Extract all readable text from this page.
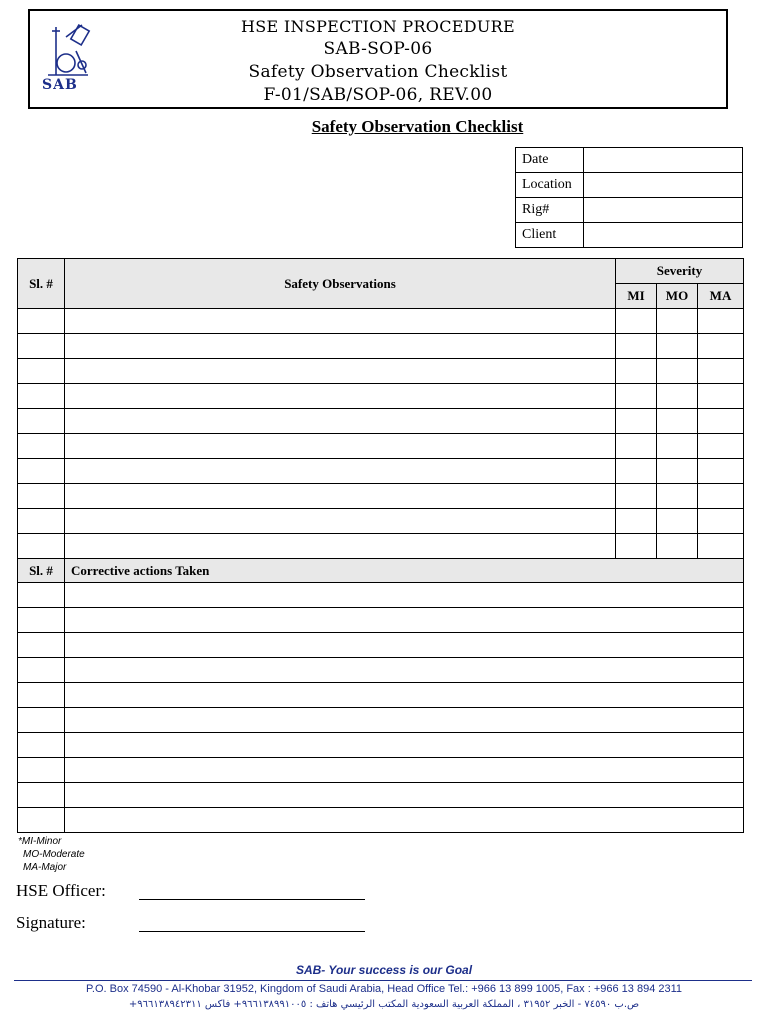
SAB
HSE INSPECTION PROCEDURE
SAB-SOP-06
Safety Observation Checklist
F-01/SAB/SOP-06, REV.00
Safety Observation Checklist
Date	
Location	
Rig#	
Client	
Sl. #	Safety Observations	Severity		
		MI	MO	MA

Sl. #	Corrective actions Taken			

*MI-Minor
MO-Moderate
MA-Major
HSE Officer:
Signature:
SAB- Your success is our Goal
P.O. Box 74590 - Al-Khobar 31952, Kingdom of Saudi Arabia, Head Office Tel.: +966 13 899 1005, Fax : +966 13 894 2311
ص.ب ٧٤٥٩٠ - الخبر ٣١٩٥٢ ، المملكة العربية السعودية المكتب الرئيسي هاتف : ٩٦٦١٣٨٩٩١٠٠٥+ فاكس ٩٦٦١٣٨٩٤٢٣١١+
